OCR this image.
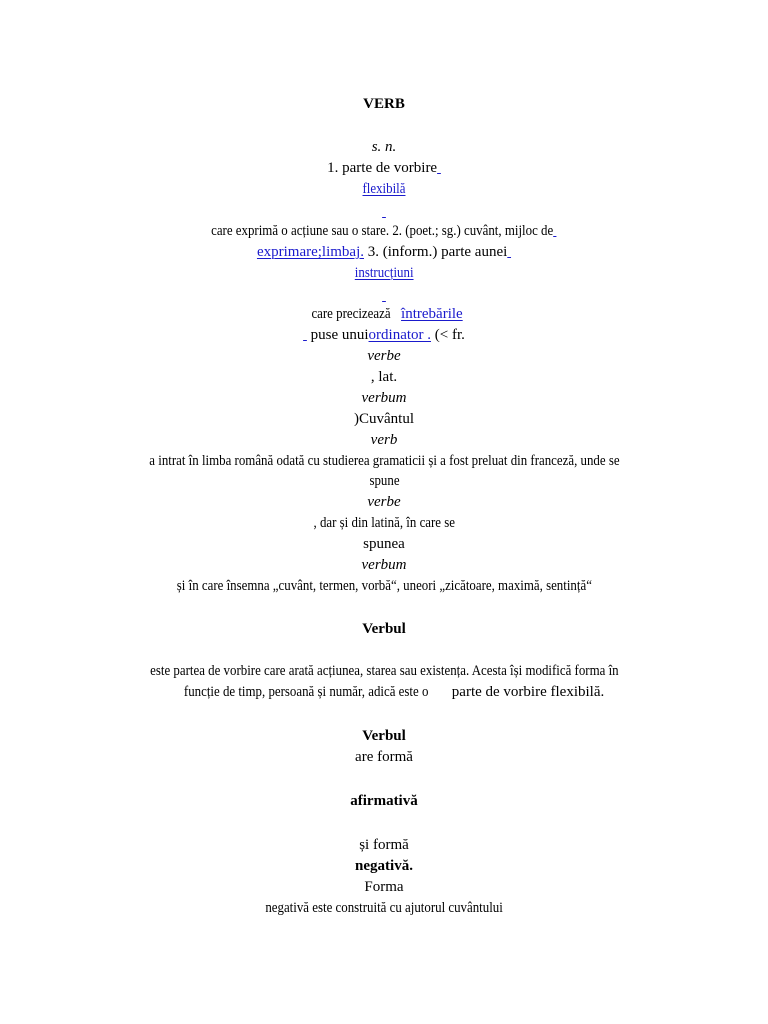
VERB
s. n.
1. parte de vorbire
flexibilă

care exprimă o acțiune sau o stare. 2. (poet.; sg.) cuvânt, mijloc de
exprimare;limbaj. 3. (inform.) parte aunei
instrucțiuni

care precizează întrebările
puse unuiordinator . (< fr.
verbe
, lat.
verbum
)Cuvântul
verb
a intrat în limba română odată cu studierea gramaticii și a fost preluat din franceză, unde se
spune
verbe
, dar și din latină, în care se
spunea
verbum
și în care însemna „cuvânt, termen, vorbă“, uneori „zicătoare, maximă, sentință“
Verbul
este partea de vorbire care arată acțiunea, starea sau existența. Acesta își modifică forma în
funcție de timp, persoană și număr, adică este o parte de vorbire flexibilă.
Verbul
are formă
afirmativă
și formă
negativă.
Forma
negativă este construită cu ajutorul cuvântului
